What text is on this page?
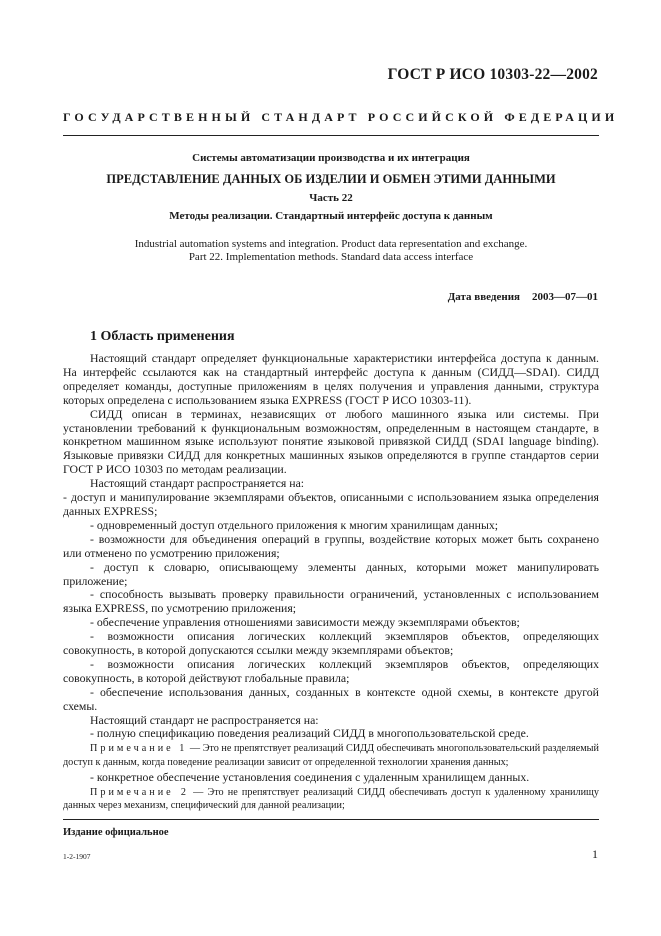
ГОСТ Р ИСО 10303-22—2002
ГОСУДАРСТВЕННЫЙ СТАНДАРТ РОССИЙСКОЙ ФЕДЕРАЦИИ
Системы автоматизации производства и их интеграция
ПРЕДСТАВЛЕНИЕ ДАННЫХ ОБ ИЗДЕЛИИ И ОБМЕН ЭТИМИ ДАННЫМИ
Часть 22
Методы реализации. Стандартный интерфейс доступа к данным
Industrial automation systems and integration. Product data representation and exchange.
Part 22. Implementation methods. Standard data access interface
Дата введения 2003—07—01
1 Область применения

Настоящий стандарт определяет функциональные характеристики интерфейса доступа к данным. На интерфейс ссылаются как на стандартный интерфейс доступа к данным (СИДД—SDAI). СИДД определяет команды, доступные приложениям в целях получения и управления данными, структура которых определена с использованием языка EXPRESS (ГОСТ Р ИСО 10303-11).

СИДД описан в терминах, независящих от любого машинного языка или системы. При установлении требований к функциональным возможностям, определенным в настоящем стандарте, в конкретном машинном языке используют понятие языковой привязкой СИДД (SDAI language binding). Языковые привязки СИДД для конкретных машинных языков определяются в группе стандартов серии ГОСТ Р ИСО 10303 по методам реализации.

Настоящий стандарт распространяется на:

- доступ и манипулирование экземплярами объектов, описанными с использованием языка определения данных EXPRESS;

- одновременный доступ отдельного приложения к многим хранилищам данных;

- возможности для объединения операций в группы, воздействие которых может быть сохранено или отменено по усмотрению приложения;

- доступ к словарю, описывающему элементы данных, которыми может манипулировать приложение;

- способность вызывать проверку правильности ограничений, установленных с использованием языка EXPRESS, по усмотрению приложения;

- обеспечение управления отношениями зависимости между экземплярами объектов;

- возможности описания логических коллекций экземпляров объектов, определяющих совокупность, в которой допускаются ссылки между экземплярами объектов;

- возможности описания логических коллекций экземпляров объектов, определяющих совокупность, в которой действуют глобальные правила;

- обеспечение использования данных, созданных в контексте одной схемы, в контексте другой схемы.

Настоящий стандарт не распространяется на:

- полную спецификацию поведения реализаций СИДД в многопользовательской среде.

Примечание 1 — Это не препятствует реализаций СИДД обеспечивать многопользовательский разделяемый доступ к данным, когда поведение реализации зависит от определенной технологии хранения данных;

- конкретное обеспечение установления соединения с удаленным хранилищем данных.

Примечание 2 — Это не препятствует реализаций СИДД обеспечивать доступ к удаленному хранилищу данных через механизм, специфический для данной реализации;

Издание официальное
1-2-1907	1
